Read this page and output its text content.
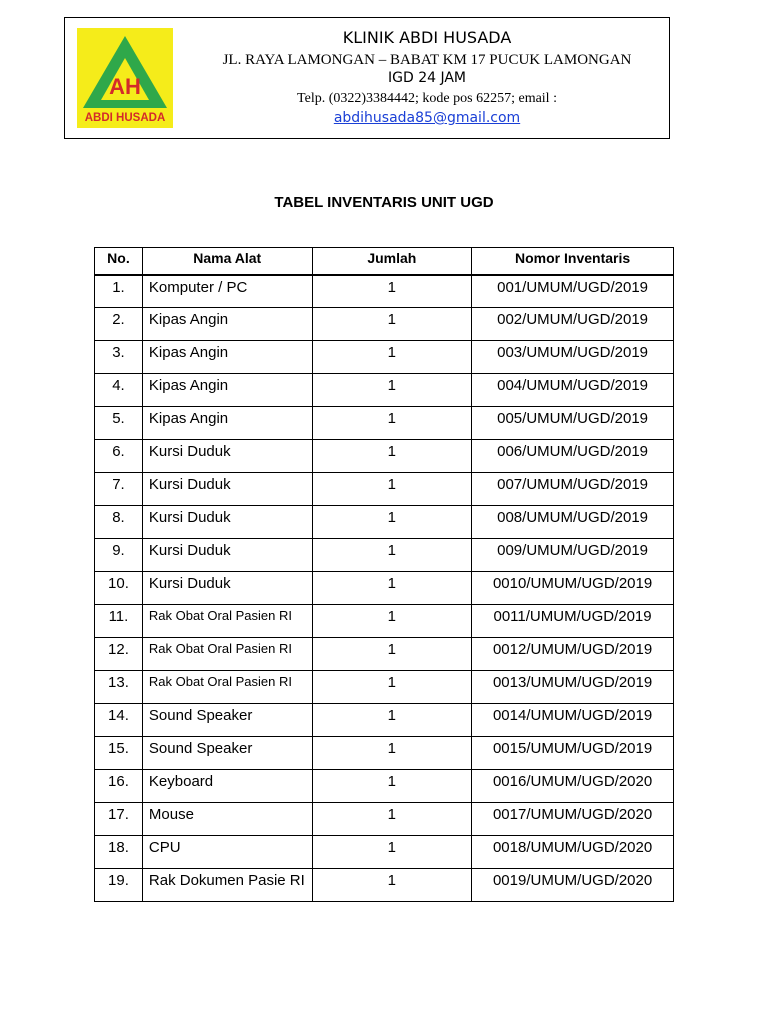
AH
ABDI HUSADA
KLINIK ABDI HUSADA
JL. RAYA LAMONGAN – BABAT KM 17 PUCUK LAMONGAN
IGD 24 JAM
Telp. (0322)3384442; kode pos 62257; email :
abdihusada85@gmail.com
TABEL INVENTARIS UNIT UGD
No.	Nama Alat	Jumlah	Nomor Inventaris
1.	Komputer / PC	1	001/UMUM/UGD/2019
2.	Kipas Angin	1	002/UMUM/UGD/2019
3.	Kipas Angin	1	003/UMUM/UGD/2019
4.	Kipas Angin	1	004/UMUM/UGD/2019
5.	Kipas Angin	1	005/UMUM/UGD/2019
6.	Kursi Duduk	1	006/UMUM/UGD/2019
7.	Kursi Duduk	1	007/UMUM/UGD/2019
8.	Kursi Duduk	1	008/UMUM/UGD/2019
9.	Kursi Duduk	1	009/UMUM/UGD/2019
10.	Kursi Duduk	1	0010/UMUM/UGD/2019
11.	Rak Obat Oral Pasien RI	1	0011/UMUM/UGD/2019
12.	Rak Obat Oral Pasien RI	1	0012/UMUM/UGD/2019
13.	Rak Obat Oral Pasien RI	1	0013/UMUM/UGD/2019
14.	Sound Speaker	1	0014/UMUM/UGD/2019
15.	Sound Speaker	1	0015/UMUM/UGD/2019
16.	Keyboard	1	0016/UMUM/UGD/2020
17.	Mouse	1	0017/UMUM/UGD/2020
18.	CPU	1	0018/UMUM/UGD/2020
19.	Rak Dokumen Pasie RI	1	0019/UMUM/UGD/2020
